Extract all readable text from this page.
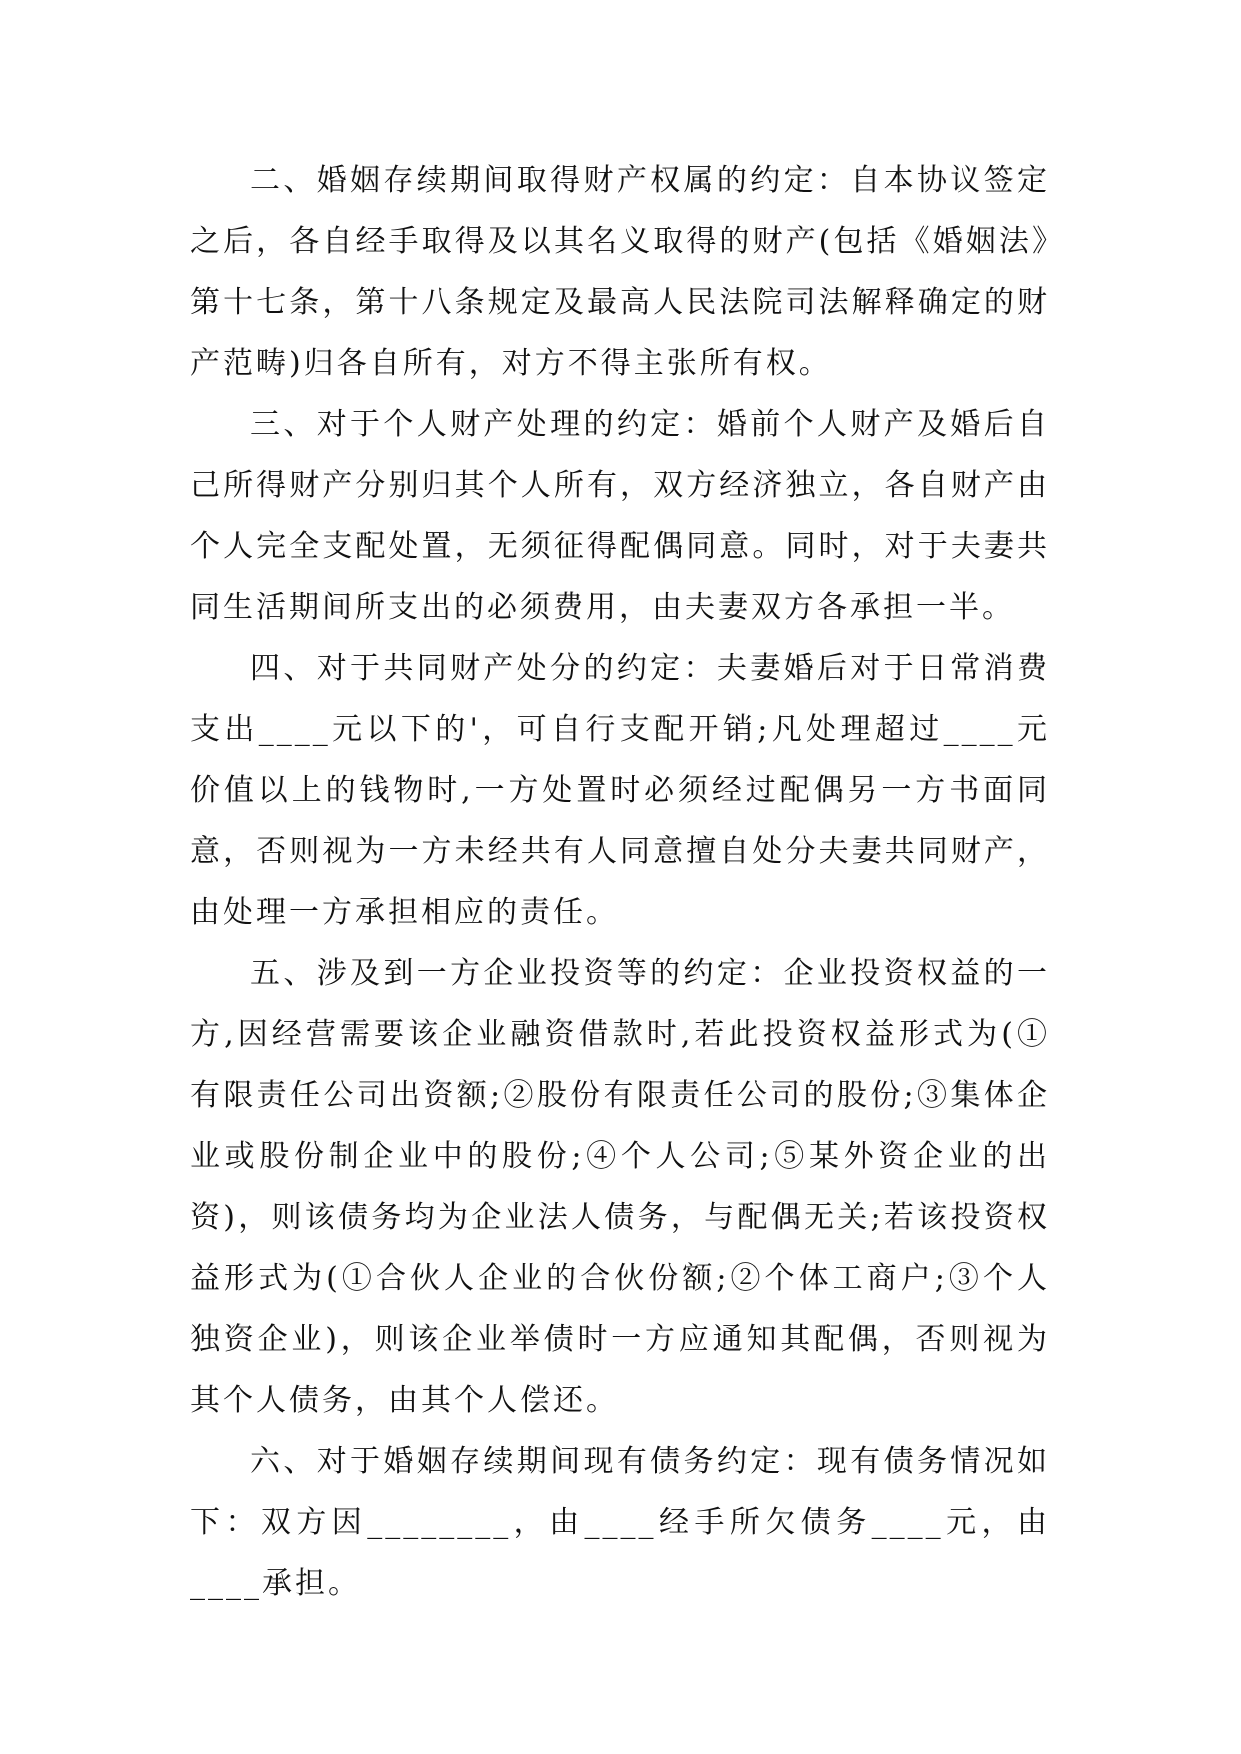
二、婚姻存续期间取得财产权属的约定：自本协议签定之后，各自经手取得及以其名义取得的财产(包括《婚姻法》第十七条，第十八条规定及最高人民法院司法解释确定的财产范畴)归各自所有，对方不得主张所有权。

三、对于个人财产处理的约定：婚前个人财产及婚后自己所得财产分别归其个人所有，双方经济独立，各自财产由个人完全支配处置，无须征得配偶同意。同时，对于夫妻共同生活期间所支出的必须费用，由夫妻双方各承担一半。

四、对于共同财产处分的约定：夫妻婚后对于日常消费支出____元以下的'，可自行支配开销;凡处理超过____元价值以上的钱物时,一方处置时必须经过配偶另一方书面同意，否则视为一方未经共有人同意擅自处分夫妻共同财产，由处理一方承担相应的责任。

五、涉及到一方企业投资等的约定：企业投资权益的一方,因经营需要该企业融资借款时,若此投资权益形式为(①有限责任公司出资额;②股份有限责任公司的股份;③集体企业或股份制企业中的股份;④个人公司;⑤某外资企业的出资)，则该债务均为企业法人债务，与配偶无关;若该投资权益形式为(①合伙人企业的合伙份额;②个体工商户;③个人独资企业)，则该企业举债时一方应通知其配偶，否则视为其个人债务，由其个人偿还。

六、对于婚姻存续期间现有债务约定：现有债务情况如下：双方因________，由____经手所欠债务____元，由____承担。
